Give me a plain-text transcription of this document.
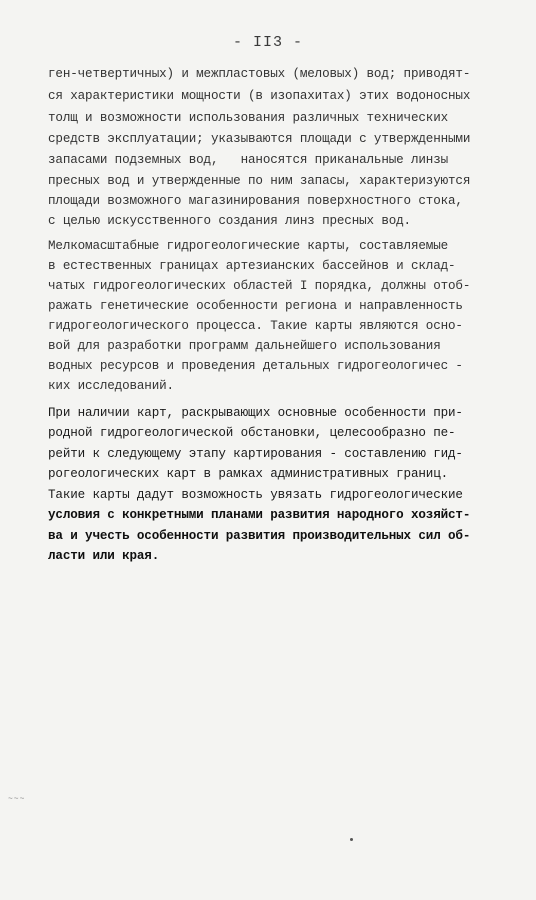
- II3 -
ген-четвертичных) и межпластовых (меловых) вод; приводят-
ся характеристики мощности (в изопахитах) этих водоносных
толщ и возможности использования различных технических
средств эксплуатации; указываются площади с утвержденными
запасами подземных вод,   наносятся приканальные линзы
пресных вод и утвержденные по ним запасы, характеризуются
площади возможного магазинирования поверхностного стока,
с целью искусственного создания линз пресных вод.
Мелкомасштабные гидрогеологические карты, составляемые
в естественных границах артезианских бассейнов и склад-
чатых гидрогеологических областей I порядка, должны отоб-
ражать генетические особенности региона и направленность
гидрогеологического процесса. Такие карты являются осно-
вой для разработки программ дальнейшего использования
водных ресурсов и проведения детальных гидрогеологичес -
ких исследований.
При наличии карт, раскрывающих основные особенности при-
родной гидрогеологической обстановки, целесообразно пе-
рейти к следующему этапу картирования - составлению гид-
рогеологических карт в рамках административных границ.
Такие карты дадут возможность увязать гидрогеологические
условия с конкретными планами развития народного хозяйст-
ва и учесть особенности развития производительных сил об-
ласти или края.
~~~
